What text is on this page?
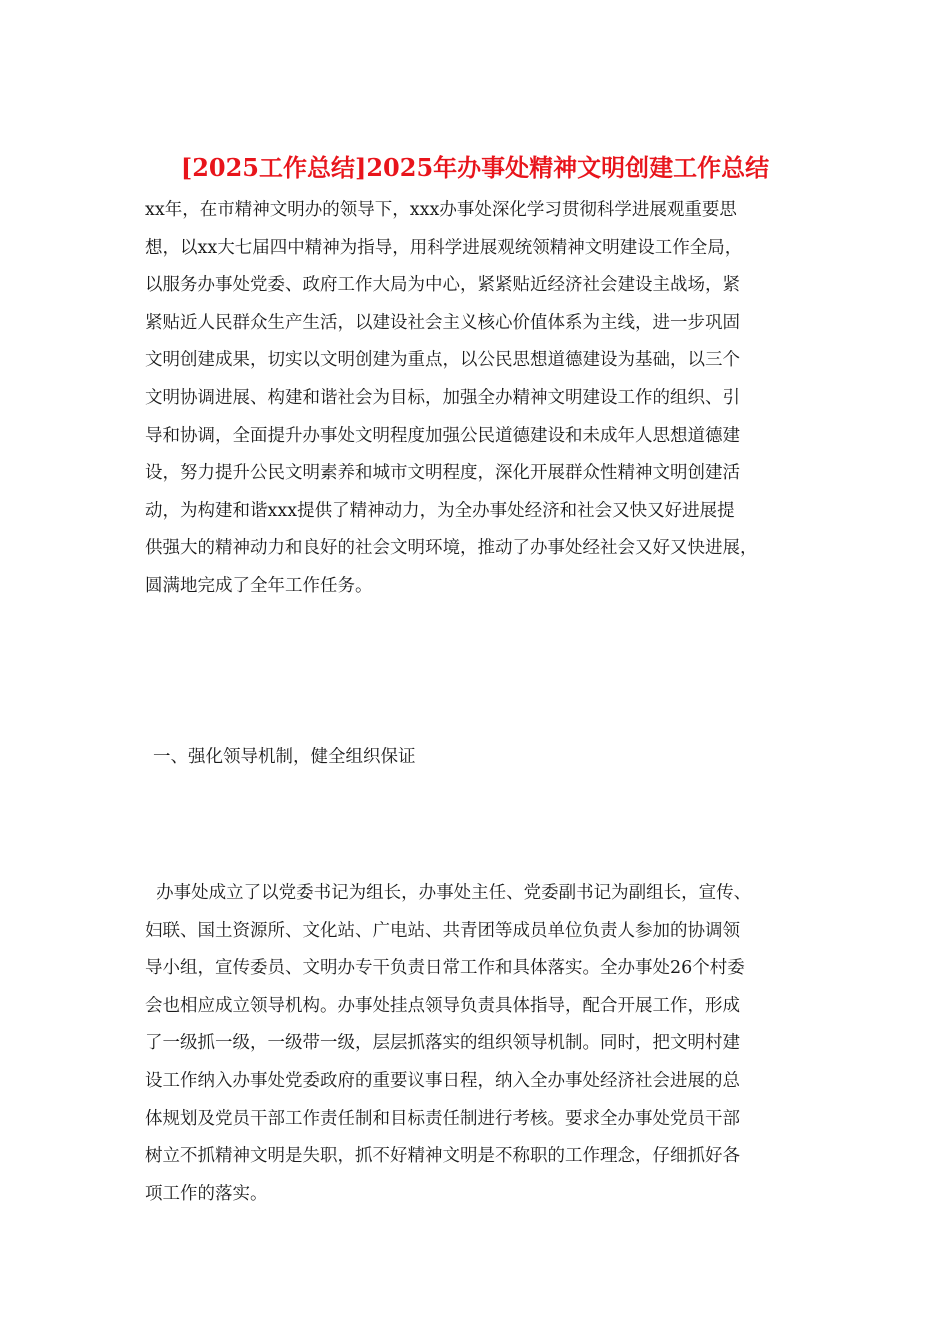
[2025工作总结]2025年办事处精神文明创建工作总结
xx年，在市精神文明办的领导下，xxx办事处深化学习贯彻科学进展观重要思
想，以xx大七届四中精神为指导，用科学进展观统领精神文明建设工作全局，
以服务办事处党委、政府工作大局为中心，紧紧贴近经济社会建设主战场，紧
紧贴近人民群众生产生活，以建设社会主义核心价值体系为主线，进一步巩固
文明创建成果，切实以文明创建为重点，以公民思想道德建设为基础，以三个
文明协调进展、构建和谐社会为目标，加强全办精神文明建设工作的组织、引
导和协调，全面提升办事处文明程度加强公民道德建设和未成年人思想道德建
设，努力提升公民文明素养和城市文明程度，深化开展群众性精神文明创建活
动，为构建和谐xxx提供了精神动力，为全办事处经济和社会又快又好进展提
供强大的精神动力和良好的社会文明环境，推动了办事处经社会又好又快进展，
圆满地完成了全年工作任务。
一、强化领导机制，健全组织保证
办事处成立了以党委书记为组长，办事处主任、党委副书记为副组长，宣传、
妇联、国土资源所、文化站、广电站、共青团等成员单位负责人参加的协调领
导小组，宣传委员、文明办专干负责日常工作和具体落实。全办事处26个村委
会也相应成立领导机构。办事处挂点领导负责具体指导，配合开展工作，形成
了一级抓一级，一级带一级，层层抓落实的组织领导机制。同时，把文明村建
设工作纳入办事处党委政府的重要议事日程，纳入全办事处经济社会进展的总
体规划及党员干部工作责任制和目标责任制进行考核。要求全办事处党员干部
树立不抓精神文明是失职，抓不好精神文明是不称职的工作理念，仔细抓好各
项工作的落实。
